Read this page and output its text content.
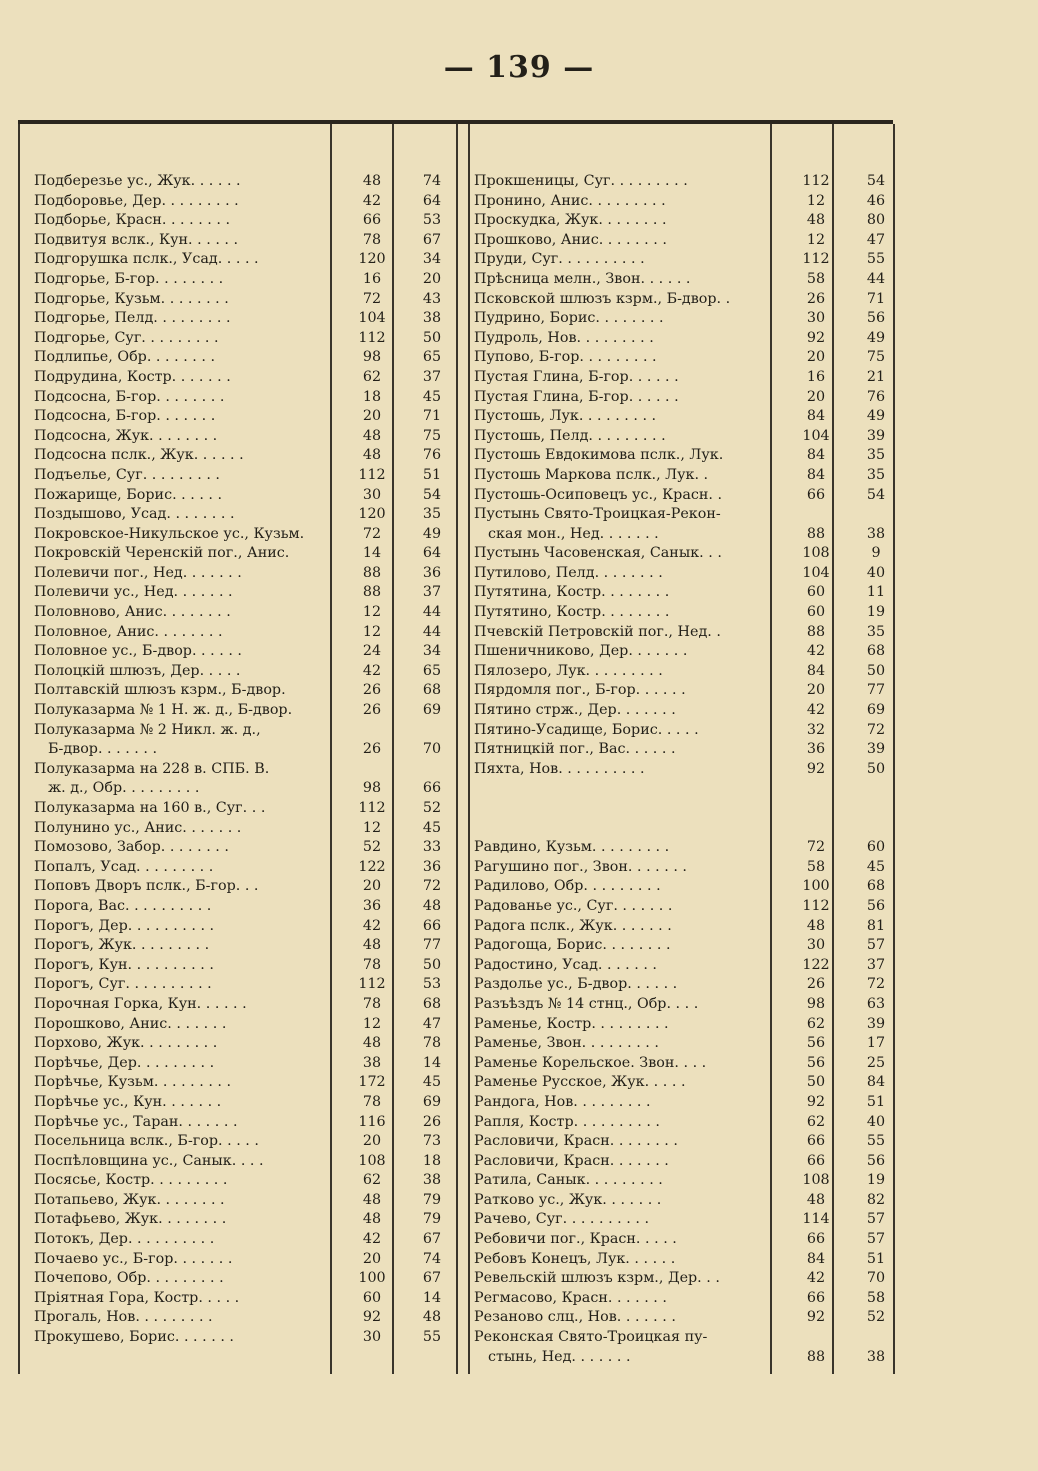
— 139 —
Подберезье ус., Жук. . . . . .	48	74
Подборовье, Дер. . . . . . . . .	42	64
Подборье, Красн. . . . . . . .	66	53
Подвитуя вслк., Кун. . . . . .	78	67
Подгорушка пслк., Усад. . . . .	120	34
Подгорье, Б-гор. . . . . . . .	16	20
Подгорье, Кузьм. . . . . . . .	72	43
Подгорье, Пелд. . . . . . . . .	104	38
Подгорье, Суг. . . . . . . . .	112	50
Подлипье, Обр. . . . . . . .	98	65
Подрудина, Костр. . . . . . .	62	37
Подсосна, Б-гор. . . . . . . .	18	45
Подсосна, Б-гор. . . . . . .	20	71
Подсосна, Жук. . . . . . . .	48	75
Подсосна пслк., Жук. . . . . .	48	76
Подъелье, Суг. . . . . . . . .	112	51
Пожарище, Борис. . . . . .	30	54
Поздышово, Усад. . . . . . . .	120	35
Покровское-Никульское ус., Кузьм.	72	49
Покровскій Черенскій пог., Анис.	14	64
Полевичи пог., Нед. . . . . . .	88	36
Полевичи ус., Нед. . . . . . .	88	37
Половново, Анис. . . . . . . .	12	44
Половное, Анис. . . . . . . .	12	44
Половное ус., Б-двор. . . . . .	24	34
Полоцкій шлюзъ, Дер. . . . .	42	65
Полтавскій шлюзъ кзрм., Б-двор.	26	68
Полуказарма № 1 Н. ж. д., Б-двор.	26	69
Полуказарма № 2 Никл. ж. д.,
Б-двор. . . . . . .	26	70
Полуказарма на 228 в. СПБ. В.
ж. д., Обр. . . . . . . . .	98	66
Полуказарма на 160 в., Суг. . .	112	52
Полунино ус., Анис. . . . . . .	12	45
Помозово, Забор. . . . . . . .	52	33
Попалъ, Усад. . . . . . . . .	122	36
Поповъ Дворъ пслк., Б-гор. . .	20	72
Порога, Вас. . . . . . . . . .	36	48
Порогъ, Дер. . . . . . . . . .	42	66
Порогъ, Жук. . . . . . . . .	48	77
Порогъ, Кун. . . . . . . . . .	78	50
Порогъ, Суг. . . . . . . . . .	112	53
Порочная Горка, Кун. . . . . .	78	68
Порошково, Анис. . . . . . .	12	47
Порхово, Жук. . . . . . . . .	48	78
Порѣчье, Дер. . . . . . . . .	38	14
Порѣчье, Кузьм. . . . . . . . .	172	45
Порѣчье ус., Кун. . . . . . .	78	69
Порѣчье ус., Таран. . . . . . .	116	26
Посельница вслк., Б-гор. . . . .	20	73
Поспѣловщина ус., Санык. . . .	108	18
Посясье, Костр. . . . . . . . .	62	38
Потапьево, Жук. . . . . . . .	48	79
Потафьево, Жук. . . . . . . .	48	79
Потокъ, Дер. . . . . . . . . .	42	67
Почаево ус., Б-гор. . . . . . .	20	74
Почепово, Обр. . . . . . . . .	100	67
Пріятная Гора, Костр. . . . .	60	14
Прогаль, Нов. . . . . . . . .	92	48
Прокушево, Борис. . . . . . .	30	55
Прокшеницы, Суг. . . . . . . . .	112	54
Пронино, Анис. . . . . . . . .	12	46
Проскудка, Жук. . . . . . . .	48	80
Прошково, Анис. . . . . . . .	12	47
Пруди, Суг. . . . . . . . . .	112	55
Прѣсница мелн., Звон. . . . . .	58	44
Псковской шлюзъ кзрм., Б-двор. .	26	71
Пудрино, Борис. . . . . . . .	30	56
Пудроль, Нов. . . . . . . . .	92	49
Пупово, Б-гор. . . . . . . . .	20	75
Пустая Глина, Б-гор. . . . . .	16	21
Пустая Глина, Б-гор. . . . . .	20	76
Пустошь, Лук. . . . . . . . .	84	49
Пустошь, Пелд. . . . . . . . .	104	39
Пустошь Евдокимова пслк., Лук.	84	35
Пустошь Маркова пслк., Лук. .	84	35
Пустошь-Осиповецъ ус., Красн. .	66	54
Пустынь Свято-Троицкая-Рекон-
ская мон., Нед. . . . . . .	88	38
Пустынь Часовенская, Санык. . .	108	9
Путилово, Пелд. . . . . . . .	104	40
Путятина, Костр. . . . . . . .	60	11
Путятино, Костр. . . . . . . .	60	19
Пчевскій Петровскій пог., Нед. .	88	35
Пшеничниково, Дер. . . . . . .	42	68
Пялозеро, Лук. . . . . . . . .	84	50
Пярдомля пог., Б-гор. . . . . .	20	77
Пятино стрж., Дер. . . . . . .	42	69
Пятино-Усадище, Борис. . . . .	32	72
Пятницкій пог., Вас. . . . . .	36	39
Пяхта, Нов. . . . . . . . . .	92	50
Равдино, Кузьм. . . . . . . . .	72	60
Рагушино пог., Звон. . . . . . .	58	45
Радилово, Обр. . . . . . . . .	100	68
Радованье ус., Суг. . . . . . .	112	56
Радога пслк., Жук. . . . . . .	48	81
Радогоща, Борис. . . . . . . .	30	57
Радостино, Усад. . . . . . .	122	37
Раздолье ус., Б-двор. . . . . .	26	72
Разъѣздъ № 14 стнц., Обр. . . .	98	63
Раменье, Костр. . . . . . . . .	62	39
Раменье, Звон. . . . . . . . .	56	17
Раменье Корельское. Звон. . . .	56	25
Раменье Русское, Жук. . . . .	50	84
Рандога, Нов. . . . . . . . .	92	51
Рапля, Костр. . . . . . . . . .	62	40
Расловичи, Красн. . . . . . . .	66	55
Расловичи, Красн. . . . . . .	66	56
Ратила, Санык. . . . . . . . .	108	19
Ратково ус., Жук. . . . . . .	48	82
Рачево, Суг. . . . . . . . . .	114	57
Ребовичи пог., Красн. . . . .	66	57
Ребовъ Конецъ, Лук. . . . . .	84	51
Ревельскій шлюзъ кзрм., Дер. . .	42	70
Регмасово, Красн. . . . . . .	66	58
Резаново слц., Нов. . . . . . .	92	52
Реконская Свято-Троицкая пу-
стынь, Нед. . . . . . .	88	38
